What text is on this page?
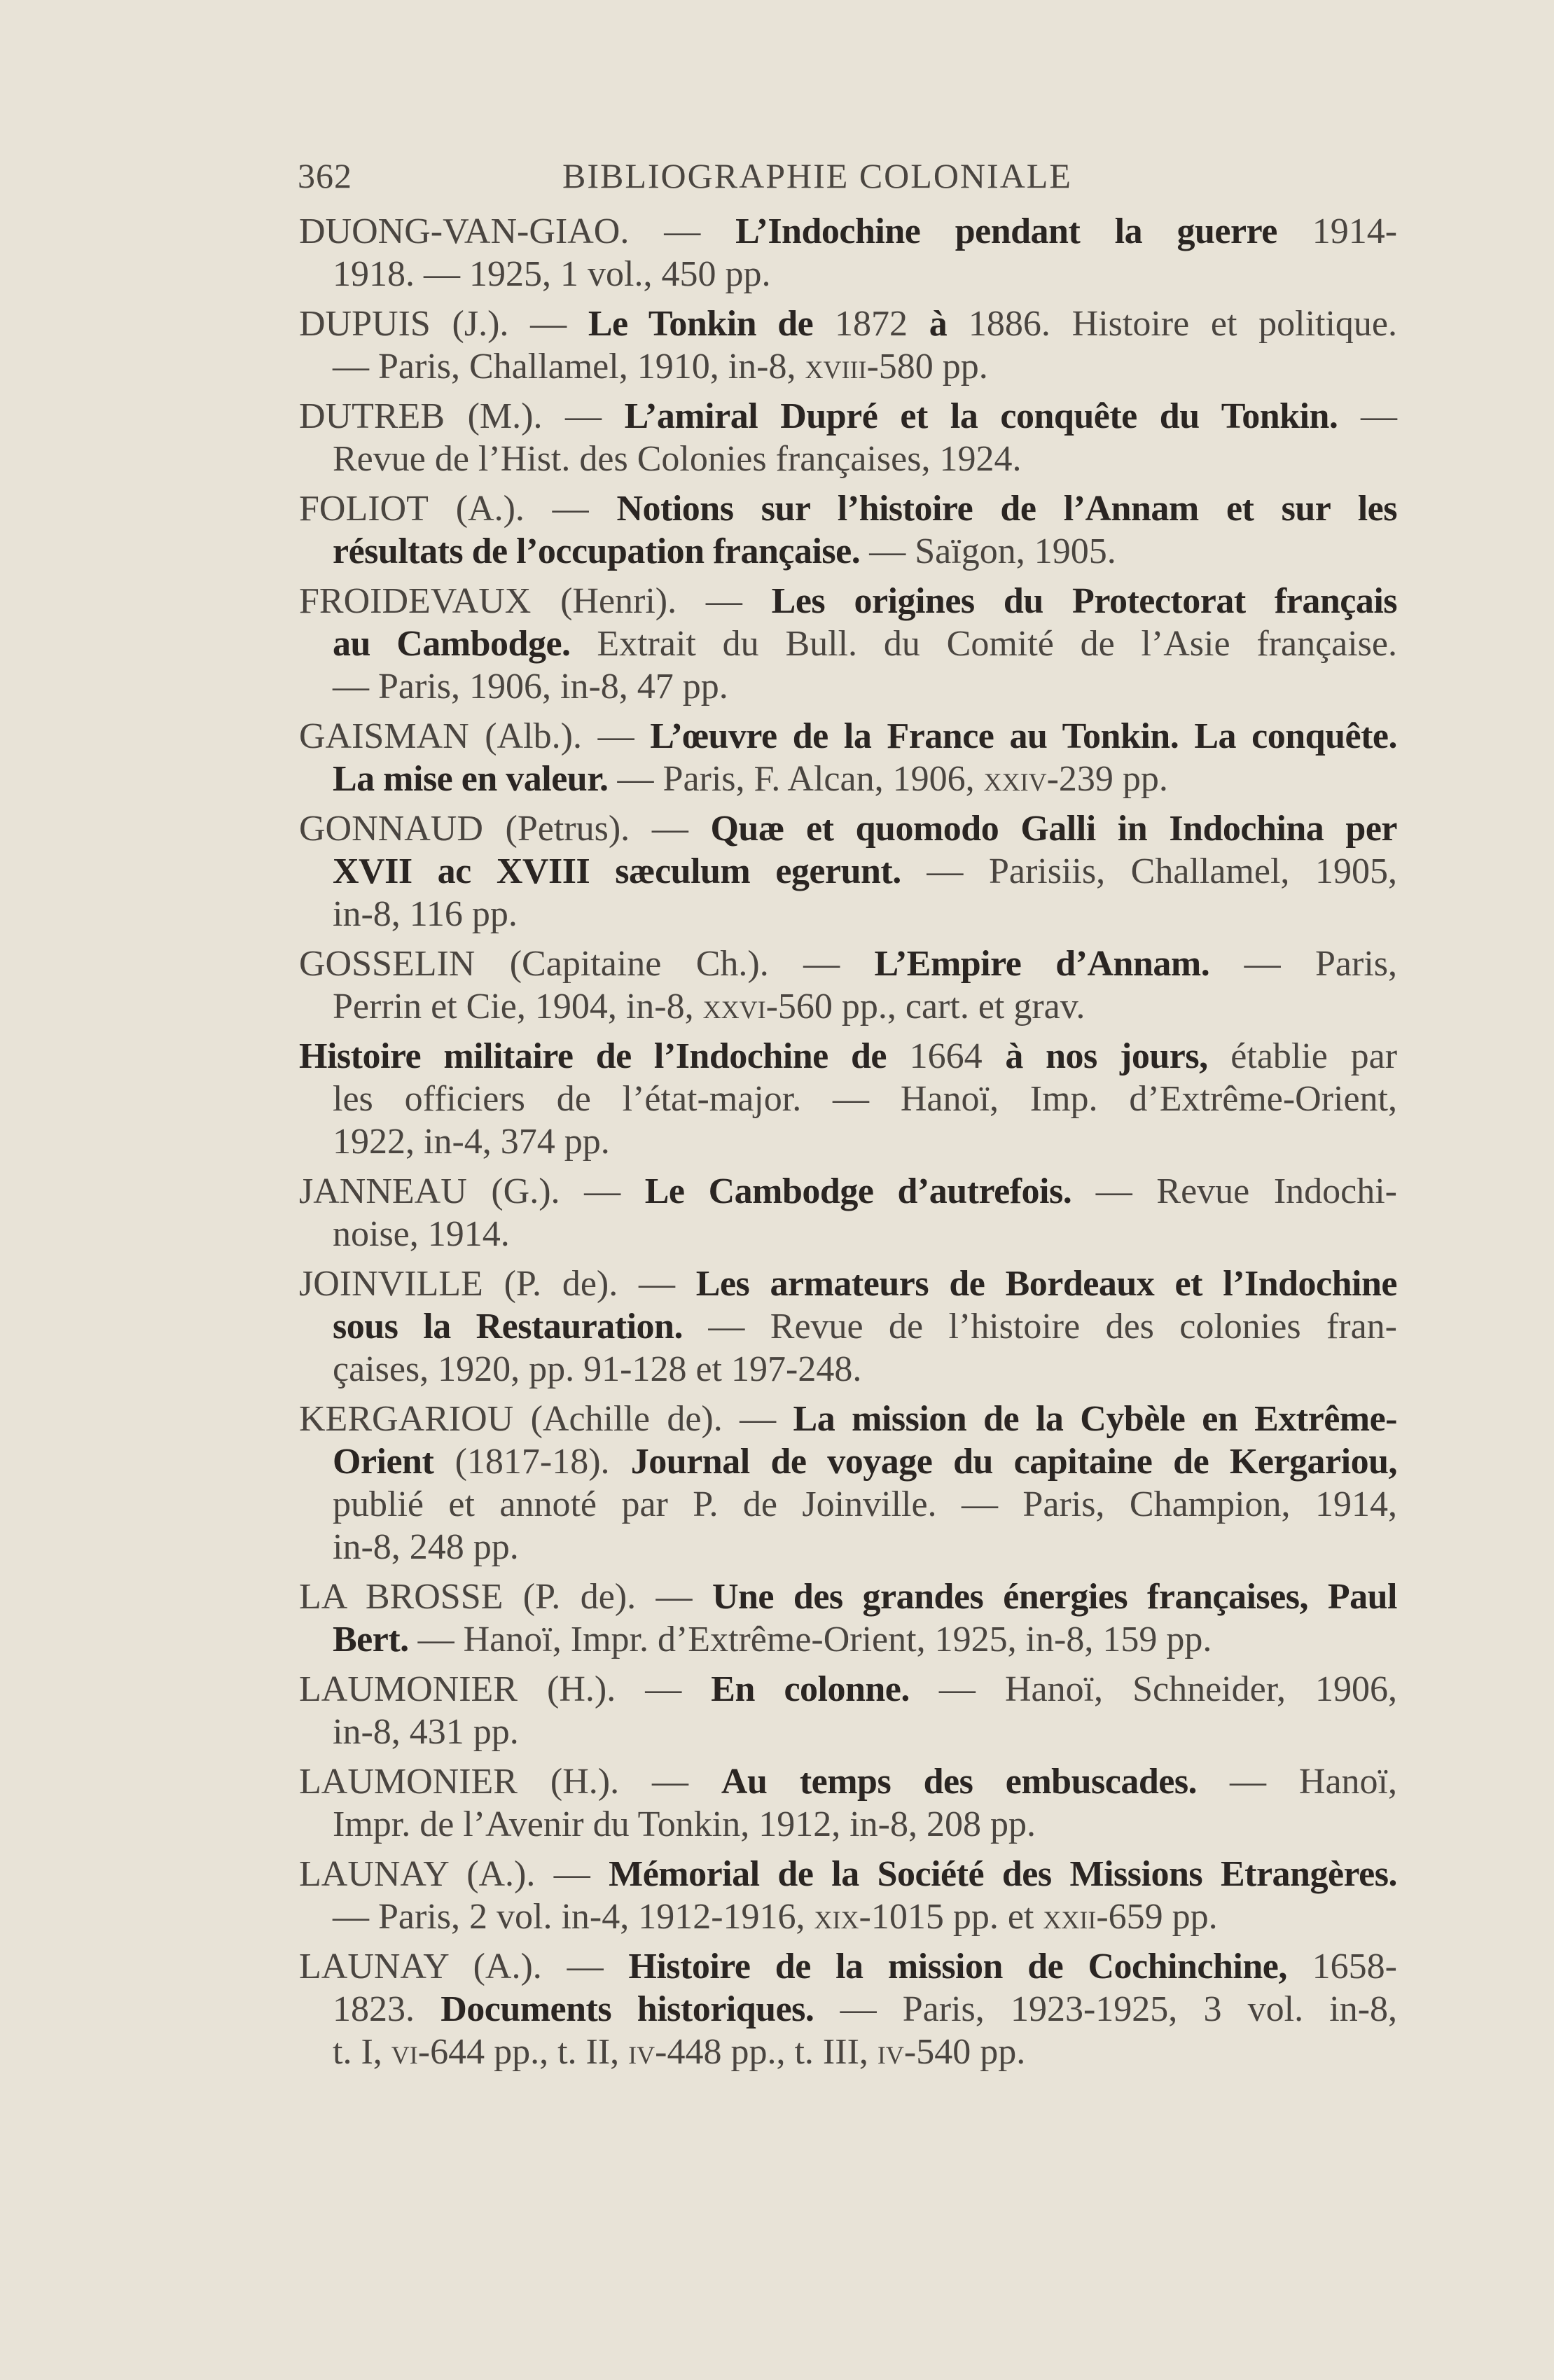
362	BIBLIOGRAPHIE COLONIALE
DUONG-VAN-GIAO. — L’Indochine pendant la guerre 1914-
1918. — 1925, 1 vol., 450 pp.
DUPUIS (J.). — Le Tonkin de 1872 à 1886. Histoire et politique.
— Paris, Challamel, 1910, in-8, xviii-580 pp.
DUTREB (M.). — L’amiral Dupré et la conquête du Tonkin. —
Revue de l’Hist. des Colonies françaises, 1924.
FOLIOT (A.). — Notions sur l’histoire de l’Annam et sur les
résultats de l’occupation française. — Saïgon, 1905.
FROIDEVAUX (Henri). — Les origines du Protectorat français
au Cambodge. Extrait du Bull. du Comité de l’Asie française.
— Paris, 1906, in-8, 47 pp.
GAISMAN (Alb.). — L’œuvre de la France au Tonkin. La conquête.
La mise en valeur. — Paris, F. Alcan, 1906, xxiv-239 pp.
GONNAUD (Petrus). — Quæ et quomodo Galli in Indochina per
XVII ac XVIII sæculum egerunt. — Parisiis, Challamel, 1905,
in-8, 116 pp.
GOSSELIN (Capitaine Ch.). — L’Empire d’Annam. — Paris,
Perrin et Cie, 1904, in-8, xxvi-560 pp., cart. et grav.
Histoire militaire de l’Indochine de 1664 à nos jours, établie par
les officiers de l’état-major. — Hanoï, Imp. d’Extrême-Orient,
1922, in-4, 374 pp.
JANNEAU (G.). — Le Cambodge d’autrefois. — Revue Indochi-
noise, 1914.
JOINVILLE (P. de). — Les armateurs de Bordeaux et l’Indochine
sous la Restauration. — Revue de l’histoire des colonies fran-
çaises, 1920, pp. 91-128 et 197-248.
KERGARIOU (Achille de). — La mission de la Cybèle en Extrême-
Orient (1817-18). Journal de voyage du capitaine de Kergariou,
publié et annoté par P. de Joinville. — Paris, Champion, 1914,
in-8, 248 pp.
LA BROSSE (P. de). — Une des grandes énergies françaises, Paul
Bert. — Hanoï, Impr. d’Extrême-Orient, 1925, in-8, 159 pp.
LAUMONIER (H.). — En colonne. — Hanoï, Schneider, 1906,
in-8, 431 pp.
LAUMONIER (H.). — Au temps des embuscades. — Hanoï,
Impr. de l’Avenir du Tonkin, 1912, in-8, 208 pp.
LAUNAY (A.). — Mémorial de la Société des Missions Etrangères.
— Paris, 2 vol. in-4, 1912-1916, xix-1015 pp. et xxii-659 pp.
LAUNAY (A.). — Histoire de la mission de Cochinchine, 1658-
1823. Documents historiques. — Paris, 1923-1925, 3 vol. in-8,
t. I, vi-644 pp., t. II, iv-448 pp., t. III, iv-540 pp.
